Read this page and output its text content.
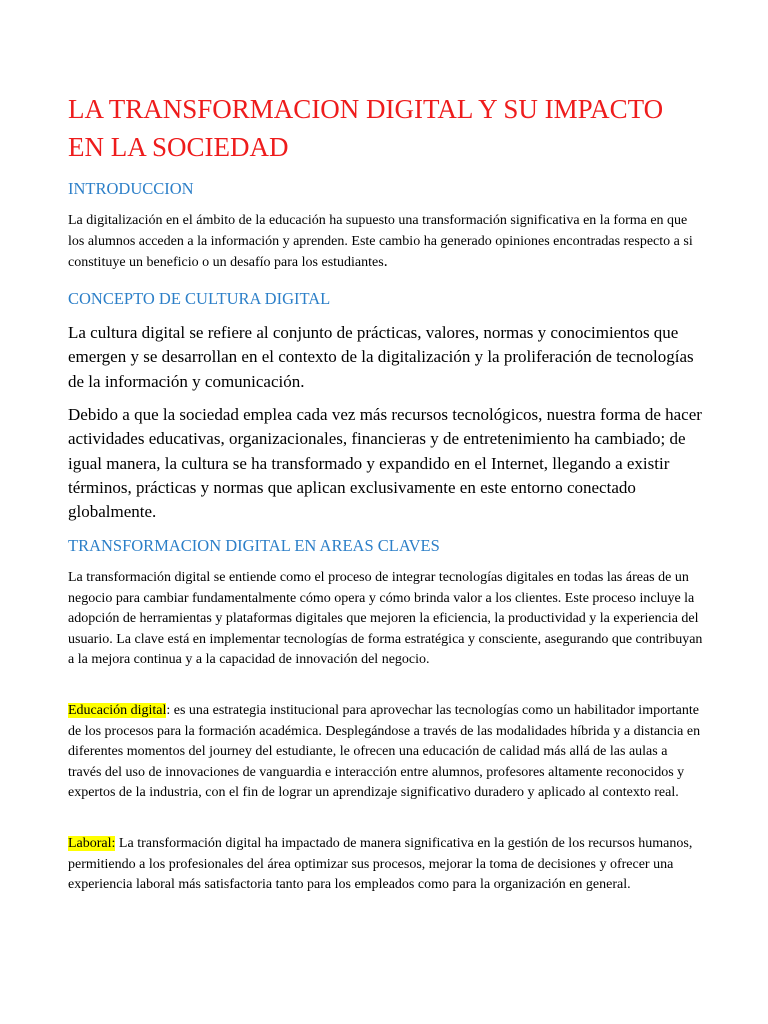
LA TRANSFORMACION DIGITAL Y SU IMPACTO EN LA SOCIEDAD
INTRODUCCION

La digitalización en el ámbito de la educación ha supuesto una transformación significativa en la forma en que los alumnos acceden a la información y aprenden. Este cambio ha generado opiniones encontradas respecto a si constituye un beneficio o un desafío para los estudiantes.

CONCEPTO DE CULTURA DIGITAL

La cultura digital se refiere al conjunto de prácticas, valores, normas y conocimientos que emergen y se desarrollan en el contexto de la digitalización y la proliferación de tecnologías de la información y comunicación.

Debido a que la sociedad emplea cada vez más recursos tecnológicos, nuestra forma de hacer actividades educativas, organizacionales, financieras y de entretenimiento ha cambiado; de igual manera, la cultura se ha transformado y expandido en el Internet, llegando a existir términos, prácticas y normas que aplican exclusivamente en este entorno conectado globalmente.

TRANSFORMACION DIGITAL EN AREAS CLAVES

La transformación digital se entiende como el proceso de integrar tecnologías digitales en todas las áreas de un negocio para cambiar fundamentalmente cómo opera y cómo brinda valor a los clientes. Este proceso incluye la adopción de herramientas y plataformas digitales que mejoren la eficiencia, la productividad y la experiencia del usuario. La clave está en implementar tecnologías de forma estratégica y consciente, asegurando que contribuyan a la mejora continua y a la capacidad de innovación del negocio.

Educación digital: es una estrategia institucional para aprovechar las tecnologías como un habilitador importante de los procesos para la formación académica. Desplegándose a través de las modalidades híbrida y a distancia en diferentes momentos del journey del estudiante, le ofrecen una educación de calidad más allá de las aulas a través del uso de innovaciones de vanguardia e interacción entre alumnos, profesores altamente reconocidos y expertos de la industria, con el fin de lograr un aprendizaje significativo duradero y aplicado al contexto real.

Laboral: La transformación digital ha impactado de manera significativa en la gestión de los recursos humanos, permitiendo a los profesionales del área optimizar sus procesos, mejorar la toma de decisiones y ofrecer una experiencia laboral más satisfactoria tanto para los empleados como para la organización en general.
